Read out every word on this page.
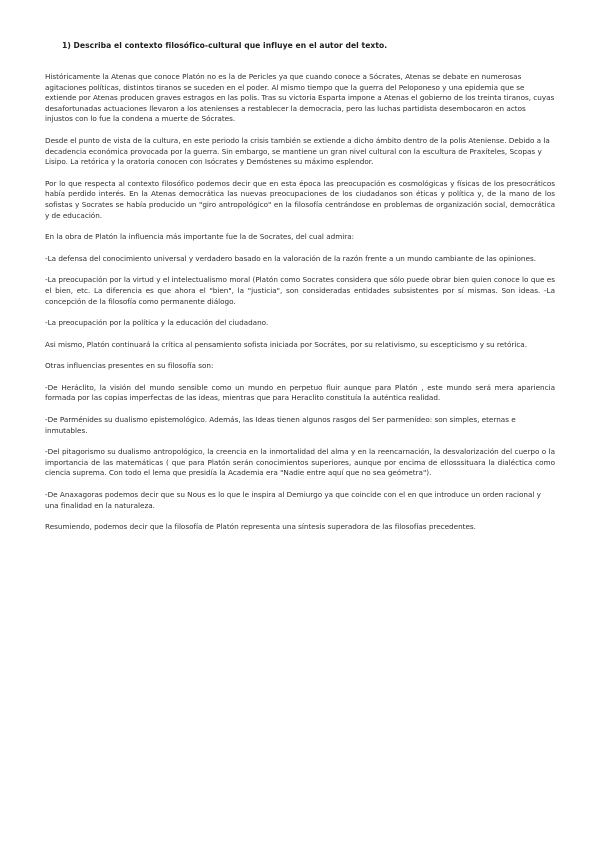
1) Describa el contexto filosófico-cultural que influye en el autor del texto.

Históricamente la Atenas que conoce Platón no es la de Pericles ya que cuando conoce a Sócrates, Atenas se debate en numerosas agitaciones políticas, distintos tiranos se suceden en el poder. Al mismo tiempo que la guerra del Peloponeso y una epidemia que se extiende por Atenas producen graves estragos en las polis. Tras su victoria Esparta impone a Atenas el gobierno de los treinta tiranos, cuyas desafortunadas actuaciones llevaron a los atenienses a restablecer la democracia, pero las luchas partidista desembocaron en actos injustos con lo fue la condena a muerte de Sócrates.

Desde el punto de vista de la cultura, en este periodo la crisis también se extiende a dicho ámbito dentro de la polis Ateniense. Debido a la decadencia económica provocada por la guerra. Sin embargo, se mantiene un gran nivel cultural con la escultura de Praxíteles, Scopas y Lisipo. La retórica y la oratoria conocen con Isócrates y Demóstenes su máximo esplendor.

Por lo que respecta al contexto filosófico podemos decir que en esta época las preocupación es cosmológicas y físicas de los presocráticos había perdido interés. En la Atenas democrática las nuevas preocupaciones de los ciudadanos son éticas y política y, de la mano de los sofistas y Socrates se había producido un "giro antropológico" en la filosofía centrándose en problemas de organización social, democrática y de educación.

En la obra de Platón la influencia más importante fue la de Socrates, del cual admira:

-La defensa del conocimiento universal y verdadero basado en la valoración de la razón frente a un mundo cambiante de las opiniones.

-La preocupación por la virtud y el intelectualismo moral (Platón como Socrates considera que sólo puede obrar bien quien conoce lo que es el bien, etc. La diferencia es que ahora el "bien", la "justicia", son consideradas entidades subsistentes por sí mismas. Son ideas. -La concepción de la filosofía como permanente diálogo.

-La preocupación por la política y la educación del ciudadano.

Asi mismo, Platón continuará la crítica al pensamiento sofista iniciada por Socrátes, por su relativismo, su escepticismo y su retórica.

Otras influencias presentes en su filosofía son:

-De Heráclito, la visión del mundo sensible como un mundo en perpetuo fluir aunque para Platón , este mundo será mera apariencia formada por las copias imperfectas de las ideas, mientras que para Heraclito constituía la auténtica realidad.

-De Parménides su dualismo epistemológico. Además, las Ideas tienen algunos rasgos del Ser parmenídeo: son simples, eternas e inmutables.

-Del pitagorismo su dualismo antropológico, la creencia en la inmortalidad del alma y en la reencarnación, la desvalorización del cuerpo o la importancia de las matemáticas ( que para Platón serán conocimientos superiores, aunque por encima de ellosssituara la dialéctica como ciencia suprema. Con todo el lema que presidía la Academia era "Nadie entre aquí que no sea geómetra").

-De Anaxagoras podemos decir que su Nous es lo que le inspira al Demiurgo ya que coincide con el en que introduce un orden racional y una finalidad en la naturaleza.

Resumiendo, podemos decir que la filosofía de Platón representa una síntesis superadora de las filosofías precedentes.
